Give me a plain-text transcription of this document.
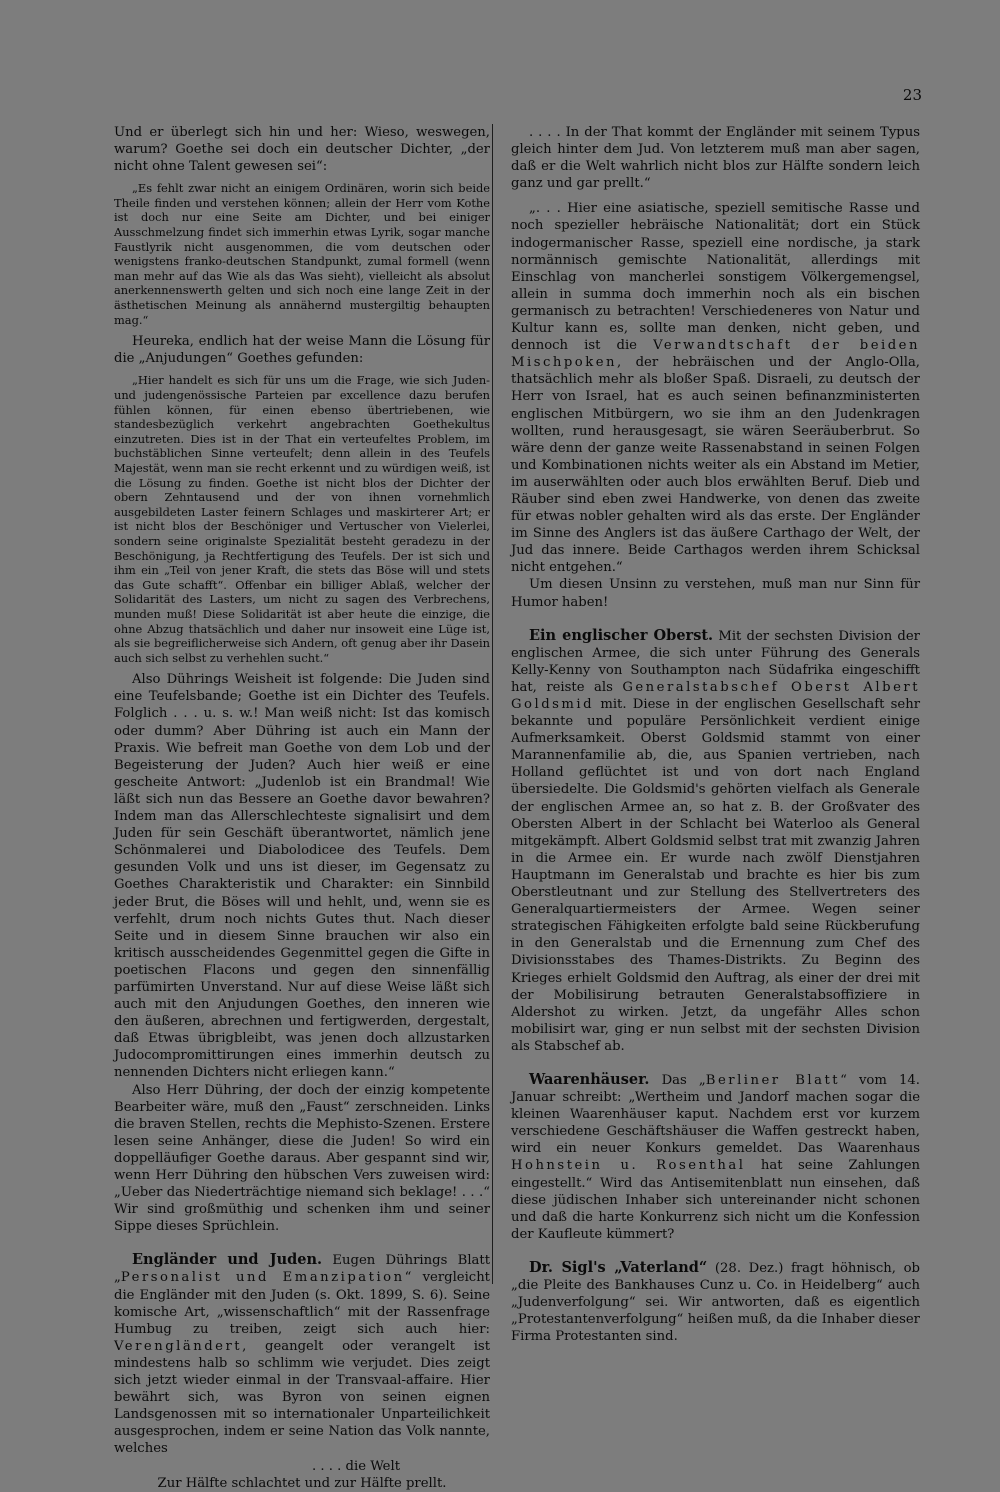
23

Und er überlegt sich hin und her: Wieso, weswegen, warum? Goethe sei doch ein deutscher Dichter, „der nicht ohne Talent gewesen sei“:

„Es fehlt zwar nicht an einigem Ordinären, worin sich beide Theile finden und verstehen können; allein der Herr vom Kothe ist doch nur eine Seite am Dichter, und bei einiger Ausschmelzung findet sich immerhin etwas Lyrik, sogar manche Faustlyrik nicht ausgenommen, die vom deutschen oder wenigstens franko-deutschen Standpunkt, zumal formell (wenn man mehr auf das Wie als das Was sieht), vielleicht als absolut anerkennenswerth gelten und sich noch eine lange Zeit in der ästhetischen Meinung als annähernd mustergiltig behaupten mag.“

Heureka, endlich hat der weise Mann die Lösung für die „Anjudungen“ Goethes gefunden:

„Hier handelt es sich für uns um die Frage, wie sich Juden- und judengenössische Parteien par excellence dazu berufen fühlen können, für einen ebenso übertriebenen, wie standesbezüglich verkehrt angebrachten Goethekultus einzutreten. Dies ist in der That ein verteufeltes Problem, im buchstäblichen Sinne verteufelt; denn allein in des Teufels Majestät, wenn man sie recht erkennt und zu würdigen weiß, ist die Lösung zu finden. Goethe ist nicht blos der Dichter der obern Zehntausend und der von ihnen vornehmlich ausgebildeten Laster feinern Schlages und maskirterer Art; er ist nicht blos der Beschöniger und Vertuscher von Vielerlei, sondern seine originalste Spezialität besteht geradezu in der Beschönigung, ja Rechtfertigung des Teufels. Der ist sich und ihm ein „Teil von jener Kraft, die stets das Böse will und stets das Gute schafft“. Offenbar ein billiger Ablaß, welcher der Solidarität des Lasters, um nicht zu sagen des Verbrechens, munden muß! Diese Solidarität ist aber heute die einzige, die ohne Abzug thatsächlich und daher nur insoweit eine Lüge ist, als sie begreiflicherweise sich Andern, oft genug aber ihr Dasein auch sich selbst zu verhehlen sucht.“

Also Dührings Weisheit ist folgende: Die Juden sind eine Teufelsbande; Goethe ist ein Dichter des Teufels. Folglich . . . u. s. w.! Man weiß nicht: Ist das komisch oder dumm? Aber Dühring ist auch ein Mann der Praxis. Wie befreit man Goethe von dem Lob und der Begeisterung der Juden? Auch hier weiß er eine gescheite Antwort: „Judenlob ist ein Brandmal! Wie läßt sich nun das Bessere an Goethe davor bewahren? Indem man das Allerschlechteste signalisirt und dem Juden für sein Geschäft überantwortet, nämlich jene Schönmalerei und Diabolodicee des Teufels. Dem gesunden Volk und uns ist dieser, im Gegensatz zu Goethes Charakteristik und Charakter: ein Sinnbild jeder Brut, die Böses will und hehlt, und, wenn sie es verfehlt, drum noch nichts Gutes thut. Nach dieser Seite und in diesem Sinne brauchen wir also ein kritisch ausscheidendes Gegenmittel gegen die Gifte in poetischen Flacons und gegen den sinnenfällig parfümirten Unverstand. Nur auf diese Weise läßt sich auch mit den Anjudungen Goethes, den inneren wie den äußeren, abrechnen und fertigwerden, dergestalt, daß Etwas übrigbleibt, was jenen doch allzustarken Judocompromittirungen eines immerhin deutsch zu nennenden Dichters nicht erliegen kann.“

Also Herr Dühring, der doch der einzig kompetente Bearbeiter wäre, muß den „Faust“ zerschneiden. Links die braven Stellen, rechts die Mephisto-Szenen. Erstere lesen seine Anhänger, diese die Juden! So wird ein doppelläufiger Goethe daraus. Aber gespannt sind wir, wenn Herr Dühring den hübschen Vers zuweisen wird: „Ueber das Niederträchtige niemand sich beklage! . . .“ Wir sind großmüthig und schenken ihm und seiner Sippe dieses Sprüchlein.

Engländer und Juden. Eugen Dührings Blatt „Personalist und Emanzipation“ vergleicht die Engländer mit den Juden (s. Okt. 1899, S. 6). Seine komische Art, „wissenschaftlich“ mit der Rassenfrage Humbug zu treiben, zeigt sich auch hier: Verengländert, geangelt oder verangelt ist mindestens halb so schlimm wie verjudet. Dies zeigt sich jetzt wieder einmal in der Transvaal-affaire. Hier bewährt sich, was Byron von seinen eignen Landsgenossen mit so internationaler Unparteilichkeit ausgesprochen, indem er seine Nation das Volk nannte, welches

. . . . die Welt

Zur Hälfte schlachtet und zur Hälfte prellt.

. . . . In der That kommt der Engländer mit seinem Typus gleich hinter dem Jud. Von letzterem muß man aber sagen, daß er die Welt wahrlich nicht blos zur Hälfte sondern leich ganz und gar prellt.“

„. . . Hier eine asiatische, speziell semitische Rasse und noch spezieller hebräische Nationalität; dort ein Stück indogermanischer Rasse, speziell eine nordische, ja stark normännisch gemischte Nationalität, allerdings mit Einschlag von mancherlei sonstigem Völkergemengsel, allein in summa doch immerhin noch als ein bischen germanisch zu betrachten! Verschiedeneres von Natur und Kultur kann es, sollte man denken, nicht geben, und dennoch ist die Verwandtschaft der beiden Mischpoken, der hebräischen und der Anglo-Olla, thatsächlich mehr als bloßer Spaß. Disraeli, zu deutsch der Herr von Israel, hat es auch seinen befinanzministerten englischen Mitbürgern, wo sie ihm an den Judenkragen wollten, rund herausgesagt, sie wären Seeräuberbrut. So wäre denn der ganze weite Rassenabstand in seinen Folgen und Kombinationen nichts weiter als ein Abstand im Metier, im auserwählten oder auch blos erwählten Beruf. Dieb und Räuber sind eben zwei Handwerke, von denen das zweite für etwas nobler gehalten wird als das erste. Der Engländer im Sinne des Anglers ist das äußere Carthago der Welt, der Jud das innere. Beide Carthagos werden ihrem Schicksal nicht entgehen.“

Um diesen Unsinn zu verstehen, muß man nur Sinn für Humor haben!

Ein englischer Oberst. Mit der sechsten Division der englischen Armee, die sich unter Führung des Generals Kelly-Kenny von Southampton nach Südafrika eingeschifft hat, reiste als Generalstabschef Oberst Albert Goldsmid mit. Diese in der englischen Gesellschaft sehr bekannte und populäre Persönlichkeit verdient einige Aufmerksamkeit. Oberst Goldsmid stammt von einer Marannenfamilie ab, die, aus Spanien vertrieben, nach Holland geflüchtet ist und von dort nach England übersiedelte. Die Goldsmid's gehörten vielfach als Generale der englischen Armee an, so hat z. B. der Großvater des Obersten Albert in der Schlacht bei Waterloo als General mitgekämpft. Albert Goldsmid selbst trat mit zwanzig Jahren in die Armee ein. Er wurde nach zwölf Dienstjahren Hauptmann im Generalstab und brachte es hier bis zum Oberstleutnant und zur Stellung des Stellvertreters des Generalquartiermeisters der Armee. Wegen seiner strategischen Fähigkeiten erfolgte bald seine Rückberufung in den Generalstab und die Ernennung zum Chef des Divisionsstabes des Thames-Distrikts. Zu Beginn des Krieges erhielt Goldsmid den Auftrag, als einer der drei mit der Mobilisirung betrauten Generalstabsoffiziere in Aldershot zu wirken. Jetzt, da ungefähr Alles schon mobilisirt war, ging er nun selbst mit der sechsten Division als Stabschef ab.

Waarenhäuser. Das „Berliner Blatt“ vom 14. Januar schreibt: „Wertheim und Jandorf machen sogar die kleinen Waarenhäuser kaput. Nachdem erst vor kurzem verschiedene Geschäftshäuser die Waffen gestreckt haben, wird ein neuer Konkurs gemeldet. Das Waarenhaus Hohnstein u. Rosenthal hat seine Zahlungen eingestellt.“ Wird das Antisemitenblatt nun einsehen, daß diese jüdischen Inhaber sich untereinander nicht schonen und daß die harte Konkurrenz sich nicht um die Konfession der Kaufleute kümmert?

Dr. Sigl's „Vaterland“ (28. Dez.) fragt höhnisch, ob „die Pleite des Bankhauses Cunz u. Co. in Heidelberg“ auch „Judenverfolgung“ sei. Wir antworten, daß es eigentlich „Protestantenverfolgung“ heißen muß, da die Inhaber dieser Firma Protestanten sind.
